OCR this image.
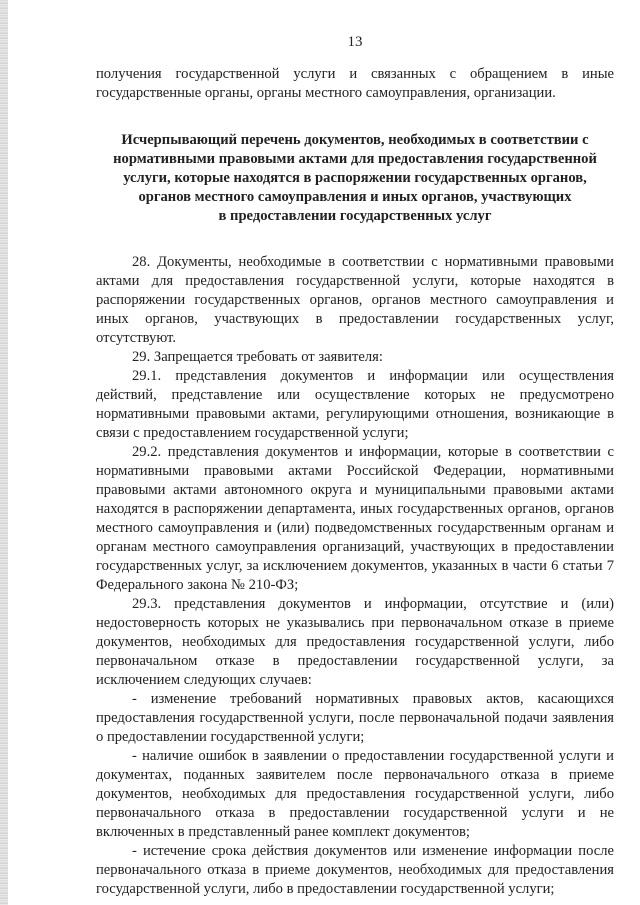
13

получения государственной услуги и связанных с обращением в иные государственные органы, органы местного самоуправления, организации.

Исчерпывающий перечень документов, необходимых в соответствии с
нормативными правовыми актами для предоставления государственной
услуги, которые находятся в распоряжении государственных органов,
органов местного самоуправления и иных органов, участвующих
в предоставлении государственных услуг

28. Документы, необходимые в соответствии с нормативными правовыми актами для предоставления государственной услуги, которые находятся в распоряжении государственных органов, органов местного самоуправления и иных органов, участвующих в предоставлении государственных услуг, отсутствуют.

29. Запрещается требовать от заявителя:

29.1. представления документов и информации или осуществления действий, представление или осуществление которых не предусмотрено нормативными правовыми актами, регулирующими отношения, возникающие в связи с предоставлением государственной услуги;

29.2. представления документов и информации, которые в соответствии с нормативными правовыми актами Российской Федерации, нормативными правовыми актами автономного округа и муниципальными правовыми актами находятся в распоряжении департамента, иных государственных органов, органов местного самоуправления и (или) подведомственных государственным органам и органам местного самоуправления организаций, участвующих в предоставлении государственных услуг, за исключением документов, указанных в части 6 статьи 7 Федерального закона № 210-ФЗ;

29.3. представления документов и информации, отсутствие и (или) недостоверность которых не указывались при первоначальном отказе в приеме документов, необходимых для предоставления государственной услуги, либо первоначальном отказе в предоставлении государственной услуги, за исключением следующих случаев:

- изменение требований нормативных правовых актов, касающихся предоставления государственной услуги, после первоначальной подачи заявления о предоставлении государственной услуги;

- наличие ошибок в заявлении о предоставлении государственной услуги и документах, поданных заявителем после первоначального отказа в приеме документов, необходимых для предоставления государственной услуги, либо первоначального отказа в предоставлении государственной услуги и не включенных в представленный ранее комплект документов;

- истечение срока действия документов или изменение информации после первоначального отказа в приеме документов, необходимых для предоставления государственной услуги, либо в предоставлении государственной услуги;
